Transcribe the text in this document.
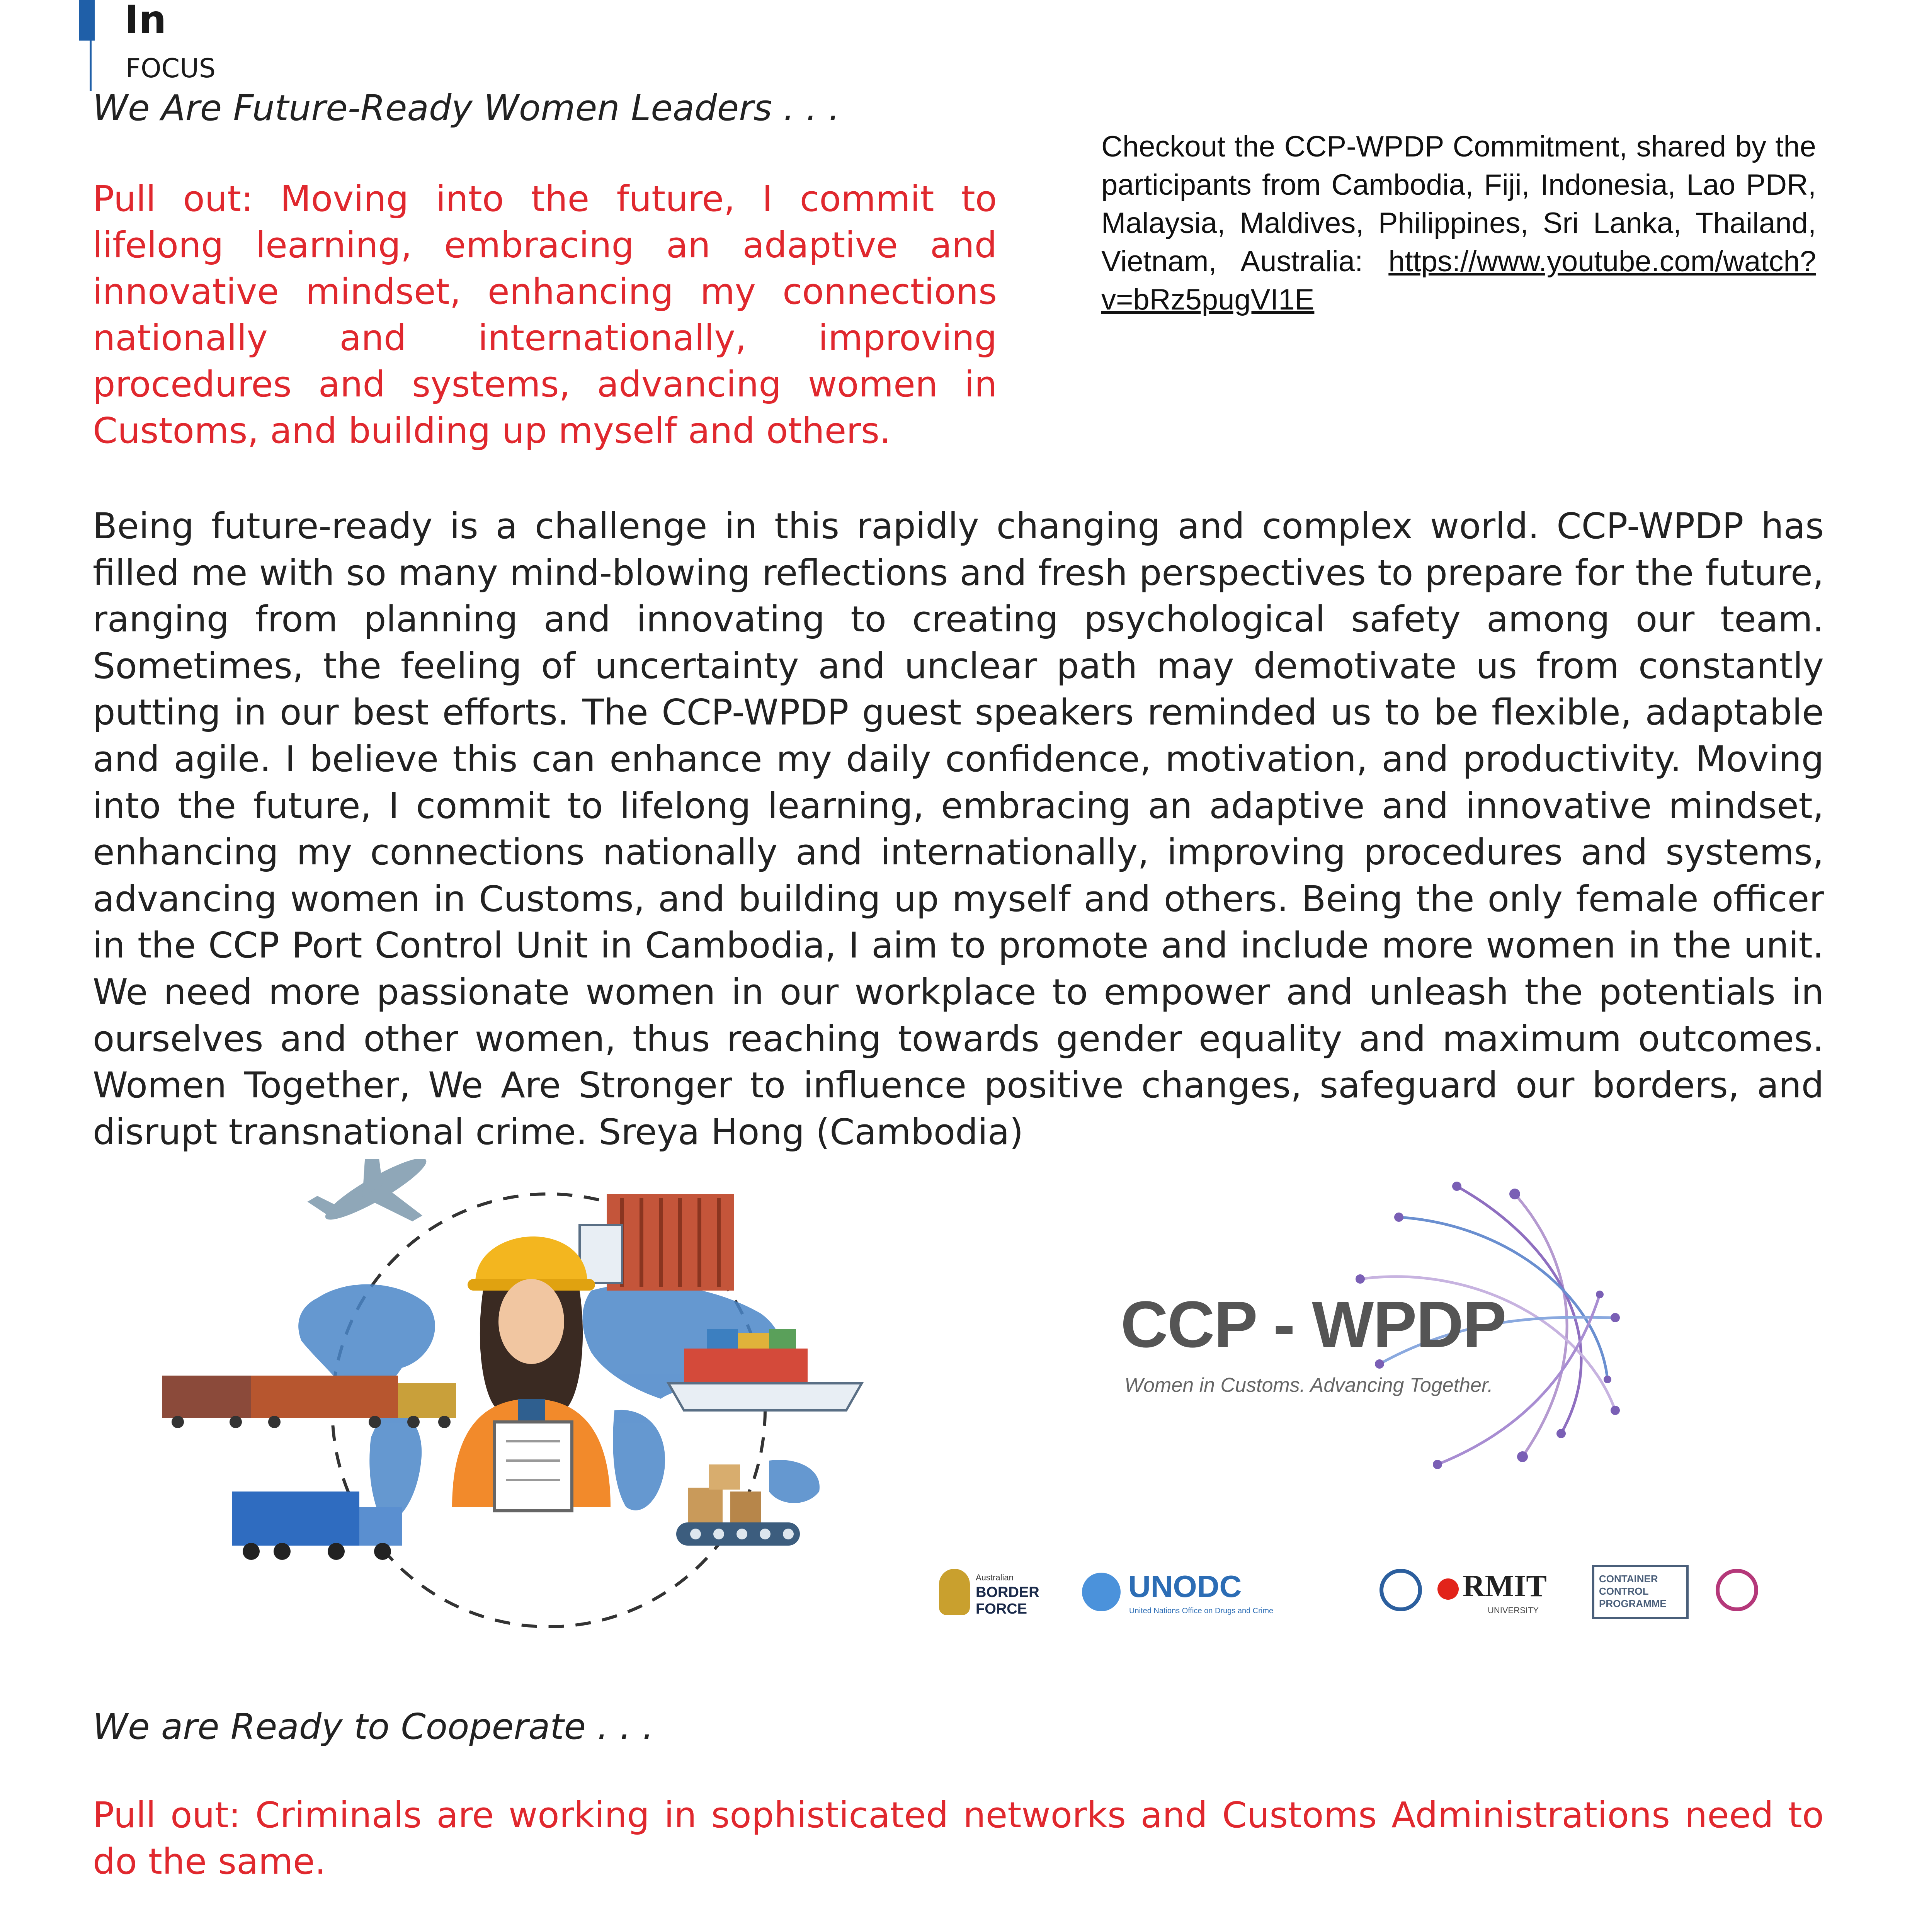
In
FOCUS
We Are Future-Ready Women Leaders . . .
Pull out: Moving into the future, I commit to lifelong learning, embracing an adaptive and innovative mindset, enhancing my connections nationally and internationally, improving procedures and systems, advancing women in Customs, and building up myself and others.
Checkout the CCP-WPDP Commitment, shared by the participants from Cambodia, Fiji, Indonesia, Lao PDR, Malaysia, Maldives, Philippines, Sri Lanka, Thailand, Vietnam, Australia: https://www.youtube.com/watch?v=bRz5pugVI1E
Being future-ready is a challenge in this rapidly changing and complex world. CCP-WPDP has filled me with so many mind-blowing reflections and fresh perspectives to prepare for the future, ranging from planning and innovating to creating psychological safety among our team. Sometimes, the feeling of uncertainty and unclear path may demotivate us from constantly putting in our best efforts. The CCP-WPDP guest speakers reminded us to be flexible, adaptable and agile. I believe this can enhance my daily confidence, motivation, and productivity. Moving into the future, I commit to lifelong learning, embracing an adaptive and innovative mindset, enhancing my connections nationally and internationally, improving procedures and systems, advancing women in Customs, and building up myself and others. Being the only female officer in the CCP Port Control Unit in Cambodia, I aim to promote and include more women in the unit. We need more passionate women in our workplace to empower and unleash the potentials in ourselves and other women, thus reaching towards gender equality and maximum outcomes. Women Together, We Are Stronger to influence positive changes, safeguard our borders, and disrupt transnational crime. Sreya Hong (Cambodia)
CCP - WPDP
Women in Customs. Advancing Together.
Australian
BORDER FORCE
UNODC
United Nations Office on Drugs and Crime
RMIT
UNIVERSITY
CONTAINER CONTROL PROGRAMME
We are Ready to Cooperate . . .
Pull out: Criminals are working in sophisticated networks and Customs Administrations need to do the same.
